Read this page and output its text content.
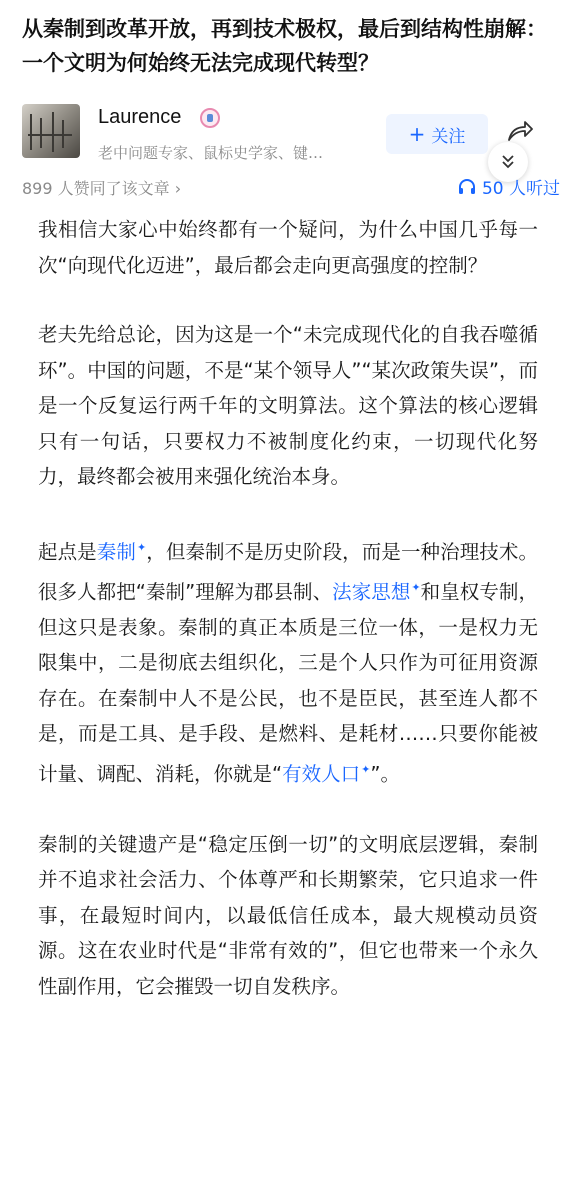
从秦制到改革开放，再到技术极权，最后到结构性崩解：一个文明为何始终无法完成现代转型？
Laurence
老中问题专家、鼠标史学家、键…
+ 关注
899 人赞同了该文章 ›	50 人听过

我相信大家心中始终都有一个疑问，为什么中国几乎每一次“向现代化迈进”，最后都会走向更高强度的控制？

老夫先给总论，因为这是一个“未完成现代化的自我吞噬循环”。中国的问题，不是“某个领导人”“某次政策失误”，而是一个反复运行两千年的文明算法。这个算法的核心逻辑只有一句话，只要权力不被制度化约束，一切现代化努力，最终都会被用来强化统治本身。

起点是秦制✦，但秦制不是历史阶段，而是一种治理技术。很多人都把“秦制”理解为郡县制、法家思想✦和皇权专制，但这只是表象。秦制的真正本质是三位一体，一是权力无限集中，二是彻底去组织化，三是个人只作为可征用资源存在。在秦制中人不是公民，也不是臣民，甚至连人都不是，而是工具、是手段、是燃料、是耗材……只要你能被计量、调配、消耗，你就是“有效人口✦”。

秦制的关键遗产是“稳定压倒一切”的文明底层逻辑，秦制并不追求社会活力、个体尊严和长期繁荣，它只追求一件事，在最短时间内，以最低信任成本，最大规模动员资源。这在农业时代是“非常有效的”，但它也带来一个永久性副作用，它会摧毁一切自发秩序。
